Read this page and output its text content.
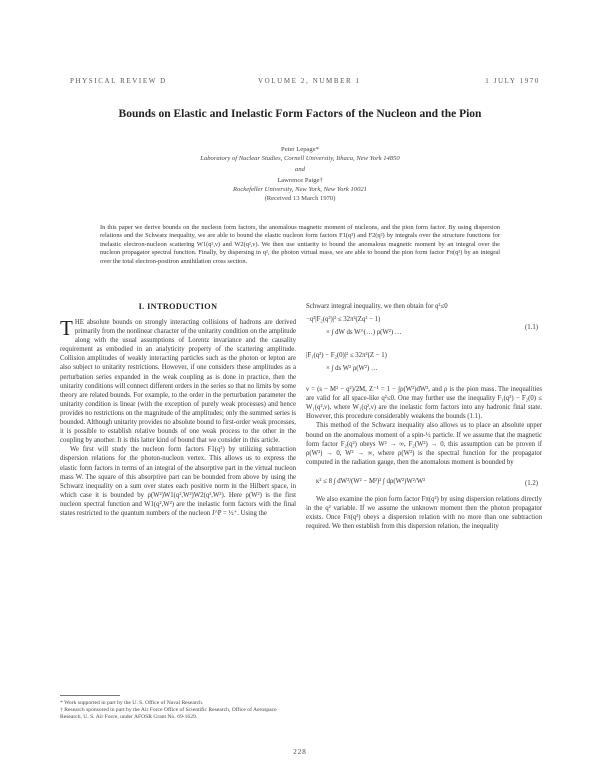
PHYSICAL REVIEW D	VOLUME 2, NUMBER 1	1 JULY 1970
Bounds on Elastic and Inelastic Form Factors of the Nucleon and the Pion
Peter Lepage*
Laboratory of Nuclear Studies, Cornell University, Ithaca, New York 14850
and
Lawrence Paige†
Rockefeller University, New York, New York 10021
(Received 13 March 1970)
In this paper we derive bounds on the nucleon form factors, the anomalous magnetic moment of nucleons, and the pion form factor. By using dispersion relations and the Schwarz inequality, we are able to bound the elastic nucleon form factors F1(q²) and F2(q²) by integrals over the structure functions for inelastic electron-nucleon scattering W1(q²,ν) and W2(q²,ν). We then use unitarity to bound the anomalous magnetic moment by an integral over the nucleon propagator spectral function. Finally, by dispersing in q², the photon virtual mass, we are able to bound the pion form factor Fπ(q²) by an integral over the total electron-positron annihilation cross section.
I. INTRODUCTION

THE absolute bounds on strongly interacting collisions of hadrons are derived primarily from the nonlinear character of the unitarity condition on the amplitude along with the usual assumptions of Lorentz invariance and the causality requirement as embodied in an analyticity property of the scattering amplitude. Collision amplitudes of weakly interacting particles such as the photon or lepton are also subject to unitarity restrictions. However, if one considers these amplitudes as a perturbation series expanded in the weak coupling as is done in practice, then the unitarity conditions will connect different orders in the series so that no limits by some theory are related bounds. For example, to the order in the perturbation parameter the unitarity condition is linear (with the exception of purely weak processes) and hence provides no restrictions on the magnitude of the amplitudes; only the summed series is bounded. Although unitarity provides no absolute bound to first-order weak processes, it is possible to establish relative bounds of one weak process to the other in the coupling by another. It is this latter kind of bound that we consider in this article.

We first will study the nucleon form factors F1(q²) by utilizing subtraction dispersion relations for the photon-nucleon vertex. This allows us to express the elastic form factors in terms of an integral of the absorptive part in the virtual nucleon mass W. The square of this absorptive part can be bounded from above by using the Schwarz inequality on a sum over states each positive norm in the Hilbert space, in which case it is bounded by ρ(W²)W1(q²,W²)W2(q²,W²). Here ρ(W²) is the first nucleon spectral function and W1(q²,W²) are the inelastic form factors with the final states restricted to the quantum numbers of the nucleon J^P = ½⁺. Using the

* Work supported in part by the U. S. Office of Naval Research.

† Research sponsored in part by the Air Force Office of Scientific Research, Office of Aerospace Research, U. S. Air Force, under AFOSR Grant No. 69-1629.

Schwarz integral inequality, we then obtain for q²≤0

−q²|F₂(q²)|² ≤ 32π²(Zq² − 1)
× ∫ dW ds W^(…) ρ(W²) …
(1.1)
|F₁(q²) − F₂(0)|² ≤ 32π²(Z − 1)
× ∫ ds W² ρ(W²) …

ν = (s − M² − q²)/2M, Z⁻¹ = 1 − ∫ρ(W²)dW², and ρ is the pion mass. The inequalities are valid for all space-like q²≤0. One may further use the inequality F₁(q²) − F₂(0) ≤ W₁(q²,ν), where W₁(q²,ν) are the inelastic form factors into any hadronic final state. However, this procedure considerably weakens the bounds (1.1).

This method of the Schwarz inequality also allows us to place an absolute upper bound on the anomalous moment of a spin-½ particle. If we assume that the magnetic form factor F₂(q²) obeys W² → ∞, F₂(W²) → 0, this assumption can be proven if ρ(W²) → 0, W² → ∞, where ρ(W²) is the spectral function for the propagator computed in the radiation gauge, then the anomalous moment is bounded by

κ² ≤ 8 ∫ dW²/(W² − M²)² ∫ dρ(W²)W²/W²	(1.2)

We also examine the pion form factor Fπ(q²) by using dispersion relations directly in the q² variable. If we assume the unknown moment then the photon propagator exists. Once Fπ(q²) obeys a dispersion relation with no more than one subtraction required. We then establish from this dispersion relation, the inequality

228
